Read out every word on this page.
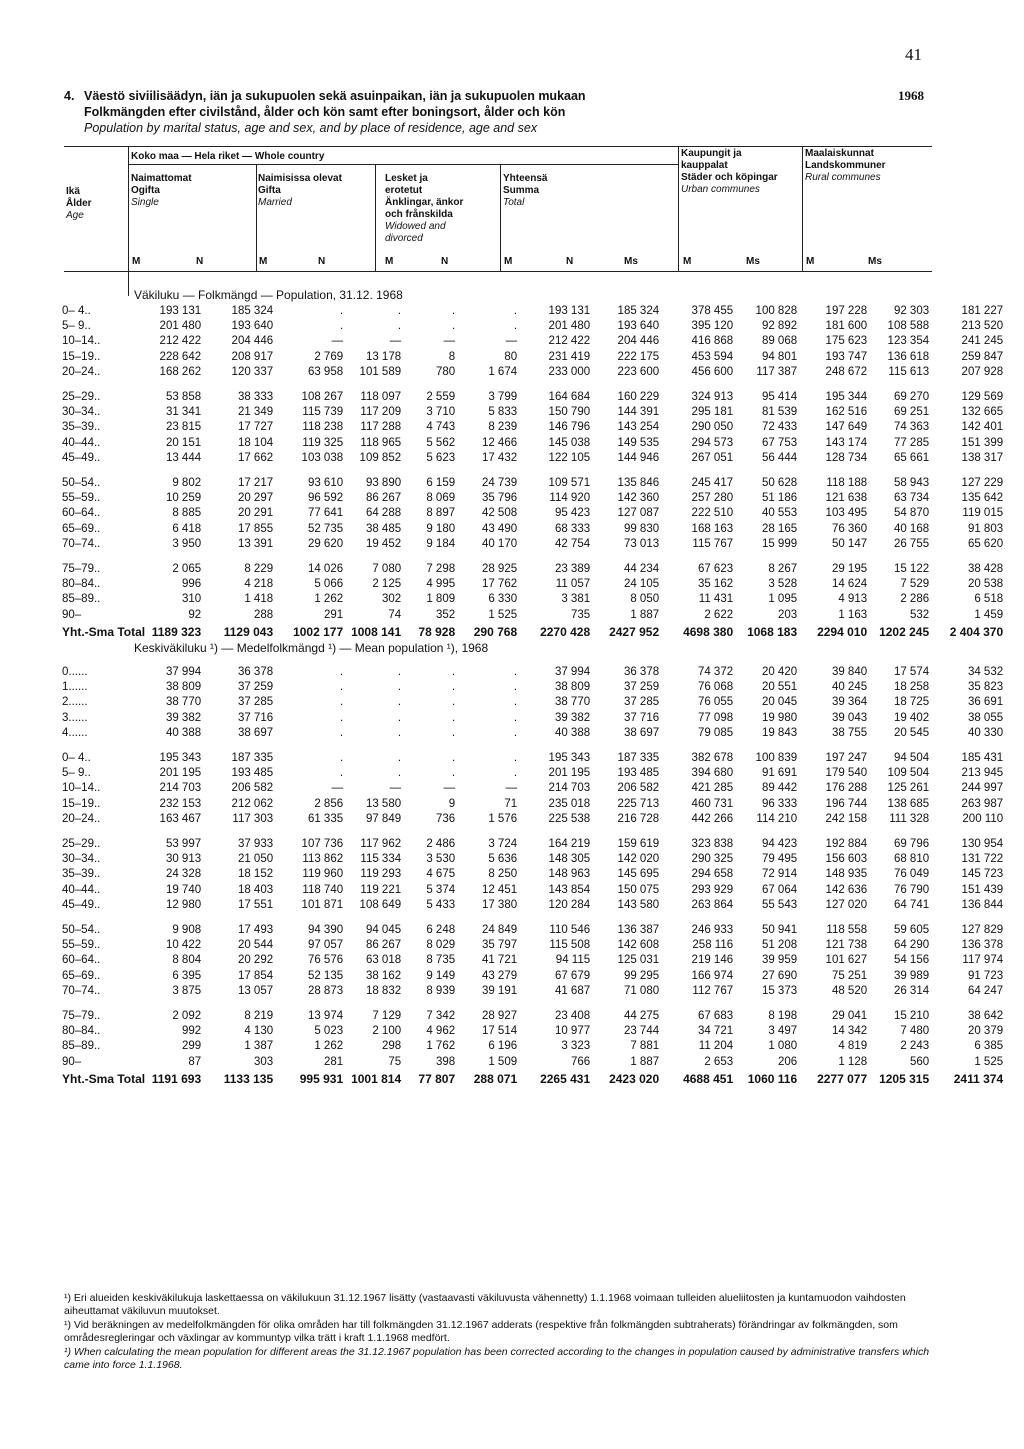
41
1968
4. Väestö siviilisäädyn, iän ja sukupuolen sekä asuinpaikan, iän ja sukupuolen mukaan
Folkmängden efter civilstånd, ålder och kön samt efter boningsort, ålder och kön
Population by marital status, age and sex, and by place of residence, age and sex
Ikä
Ålder
Age
Koko maa — Hela riket — Whole country
Naimattomat
Ogifta
Single
Naimisissa olevat
Gifta
Married
Lesket ja
erotetut
Änklingar, änkor
och frånskilda
Widowed and
divorced
Yhteensä
Summa
Total
Kaupungit ja
kauppalat
Städer och köpingar
Urban communes
Maalaiskunnat
Landskommuner
Rural communes
M	N	M	N	M	N	M	N	Ms	M	Ms	M	Ms
Väkiluku — Folkmängd — Population, 31.12. 1968
0– 4..	193 131	185 324	.	.	.	.	193 131	185 324	378 455	100 828	197 228	92 303	181 227
5– 9..	201 480	193 640	.	.	.	.	201 480	193 640	395 120	92 892	181 600	108 588	213 520
10–14..	212 422	204 446	—	—	—	—	212 422	204 446	416 868	89 068	175 623	123 354	241 245
15–19..	228 642	208 917	2 769	13 178	8	80	231 419	222 175	453 594	94 801	193 747	136 618	259 847
20–24..	168 262	120 337	63 958	101 589	780	1 674	233 000	223 600	456 600	117 387	248 672	115 613	207 928

25–29..	53 858	38 333	108 267	118 097	2 559	3 799	164 684	160 229	324 913	95 414	195 344	69 270	129 569
30–34..	31 341	21 349	115 739	117 209	3 710	5 833	150 790	144 391	295 181	81 539	162 516	69 251	132 665
35–39..	23 815	17 727	118 238	117 288	4 743	8 239	146 796	143 254	290 050	72 433	147 649	74 363	142 401
40–44..	20 151	18 104	119 325	118 965	5 562	12 466	145 038	149 535	294 573	67 753	143 174	77 285	151 399
45–49..	13 444	17 662	103 038	109 852	5 623	17 432	122 105	144 946	267 051	56 444	128 734	65 661	138 317

50–54..	9 802	17 217	93 610	93 890	6 159	24 739	109 571	135 846	245 417	50 628	118 188	58 943	127 229
55–59..	10 259	20 297	96 592	86 267	8 069	35 796	114 920	142 360	257 280	51 186	121 638	63 734	135 642
60–64..	8 885	20 291	77 641	64 288	8 897	42 508	95 423	127 087	222 510	40 553	103 495	54 870	119 015
65–69..	6 418	17 855	52 735	38 485	9 180	43 490	68 333	99 830	168 163	28 165	76 360	40 168	91 803
70–74..	3 950	13 391	29 620	19 452	9 184	40 170	42 754	73 013	115 767	15 999	50 147	26 755	65 620

75–79..	2 065	8 229	14 026	7 080	7 298	28 925	23 389	44 234	67 623	8 267	29 195	15 122	38 428
80–84..	996	4 218	5 066	2 125	4 995	17 762	11 057	24 105	35 162	3 528	14 624	7 529	20 538
85–89..	310	1 418	1 262	302	1 809	6 330	3 381	8 050	11 431	1 095	4 913	2 286	6 518
90–	92	288	291	74	352	1 525	735	1 887	2 622	203	1 163	532	1 459
Yht.-Sma Total	1189 323	1129 043	1002 177	1008 141	78 928	290 768	2270 428	2427 952	4698 380	1068 183	2294 010	1202 245	2 404 370
Keskiväkiluku ¹) — Medelfolkmängd ¹) — Mean population ¹), 1968
0......	37 994	36 378	.	.	.	.	37 994	36 378	74 372	20 420	39 840	17 574	34 532
1......	38 809	37 259	.	.	.	.	38 809	37 259	76 068	20 551	40 245	18 258	35 823
2......	38 770	37 285	.	.	.	.	38 770	37 285	76 055	20 045	39 364	18 725	36 691
3......	39 382	37 716	.	.	.	.	39 382	37 716	77 098	19 980	39 043	19 402	38 055
4......	40 388	38 697	.	.	.	.	40 388	38 697	79 085	19 843	38 755	20 545	40 330

0– 4..	195 343	187 335	.	.	.	.	195 343	187 335	382 678	100 839	197 247	94 504	185 431
5– 9..	201 195	193 485	.	.	.	.	201 195	193 485	394 680	91 691	179 540	109 504	213 945
10–14..	214 703	206 582	—	—	—	—	214 703	206 582	421 285	89 442	176 288	125 261	244 997
15–19..	232 153	212 062	2 856	13 580	9	71	235 018	225 713	460 731	96 333	196 744	138 685	263 987
20–24..	163 467	117 303	61 335	97 849	736	1 576	225 538	216 728	442 266	114 210	242 158	111 328	200 110

25–29..	53 997	37 933	107 736	117 962	2 486	3 724	164 219	159 619	323 838	94 423	192 884	69 796	130 954
30–34..	30 913	21 050	113 862	115 334	3 530	5 636	148 305	142 020	290 325	79 495	156 603	68 810	131 722
35–39..	24 328	18 152	119 960	119 293	4 675	8 250	148 963	145 695	294 658	72 914	148 935	76 049	145 723
40–44..	19 740	18 403	118 740	119 221	5 374	12 451	143 854	150 075	293 929	67 064	142 636	76 790	151 439
45–49..	12 980	17 551	101 871	108 649	5 433	17 380	120 284	143 580	263 864	55 543	127 020	64 741	136 844

50–54..	9 908	17 493	94 390	94 045	6 248	24 849	110 546	136 387	246 933	50 941	118 558	59 605	127 829
55–59..	10 422	20 544	97 057	86 267	8 029	35 797	115 508	142 608	258 116	51 208	121 738	64 290	136 378
60–64..	8 804	20 292	76 576	63 018	8 735	41 721	94 115	125 031	219 146	39 959	101 627	54 156	117 974
65–69..	6 395	17 854	52 135	38 162	9 149	43 279	67 679	99 295	166 974	27 690	75 251	39 989	91 723
70–74..	3 875	13 057	28 873	18 832	8 939	39 191	41 687	71 080	112 767	15 373	48 520	26 314	64 247

75–79..	2 092	8 219	13 974	7 129	7 342	28 927	23 408	44 275	67 683	8 198	29 041	15 210	38 642
80–84..	992	4 130	5 023	2 100	4 962	17 514	10 977	23 744	34 721	3 497	14 342	7 480	20 379
85–89..	299	1 387	1 262	298	1 762	6 196	3 323	7 881	11 204	1 080	4 819	2 243	6 385
90–	87	303	281	75	398	1 509	766	1 887	2 653	206	1 128	560	1 525
Yht.-Sma Total	1191 693	1133 135	995 931	1001 814	77 807	288 071	2265 431	2423 020	4688 451	1060 116	2277 077	1205 315	2411 374
¹) Eri alueiden keskiväkilukuja laskettaessa on väkilukuun 31.12.1967 lisätty (vastaavasti väkiluvusta vähennetty) 1.1.1968 voimaan tulleiden alueliitosten ja kuntamuodon vaihdosten aiheuttamat väkiluvun muutokset.
¹) Vid beräkningen av medelfolkmängden för olika områden har till folkmängden 31.12.1967 adderats (respektive från folkmängden subtraherats) förändringar av folkmängden, som områdesregleringar och växlingar av kommuntyp vilka trätt i kraft 1.1.1968 medfört.
¹) When calculating the mean population for different areas the 31.12.1967 population has been corrected according to the changes in population caused by administrative transfers which came into force 1.1.1968.
